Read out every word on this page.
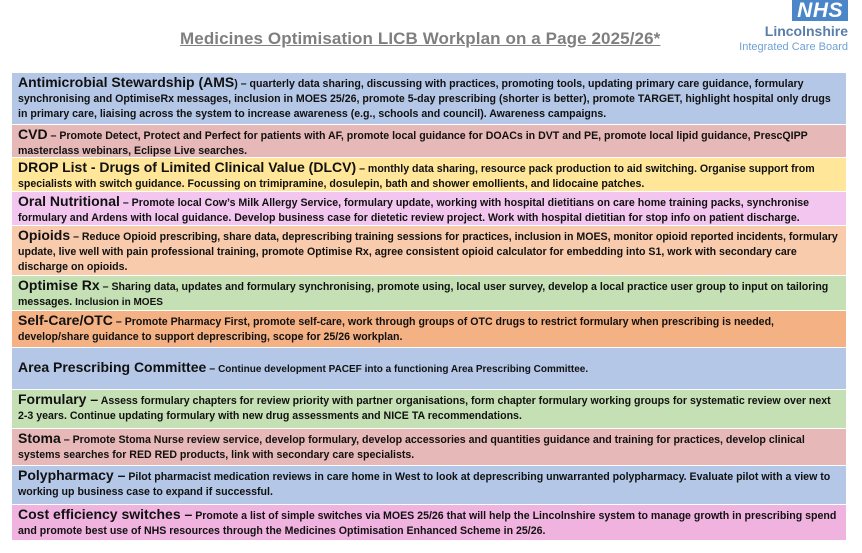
Medicines Optimisation LICB Workplan on a Page 2025/26*
NHS
Lincolnshire
Integrated Care Board
Antimicrobial Stewardship (AMS) – quarterly data sharing, discussing with practices, promoting tools, updating primary care guidance, formulary synchronising and OptimiseRx messages, inclusion in MOES 25/26, promote 5-day prescribing (shorter is better), promote TARGET, highlight hospital only drugs in primary care, liaising across the system to increase awareness (e.g., schools and council). Awareness campaigns.
CVD – Promote Detect, Protect and Perfect for patients with AF, promote local guidance for DOACs in DVT and PE, promote local lipid guidance, PrescQIPP masterclass webinars, Eclipse Live searches.
DROP List - Drugs of Limited Clinical Value (DLCV) – monthly data sharing, resource pack production to aid switching. Organise support from specialists with switch guidance. Focussing on trimipramine, dosulepin, bath and shower emollients, and lidocaine patches.
Oral Nutritional – Promote local Cow’s Milk Allergy Service, formulary update, working with hospital dietitians on care home training packs, synchronise formulary and Ardens with local guidance. Develop business case for dietetic review project. Work with hospital dietitian for stop info on patient discharge.
Opioids – Reduce Opioid prescribing, share data, deprescribing training sessions for practices, inclusion in MOES, monitor opioid reported incidents, formulary update, live well with pain professional training, promote Optimise Rx, agree consistent opioid calculator for embedding into S1, work with secondary care discharge on opioids.
Optimise Rx – Sharing data, updates and formulary synchronising, promote using, local user survey, develop a local practice user group to input on tailoring messages. Inclusion in MOES
Self-Care/OTC – Promote Pharmacy First, promote self-care, work through groups of OTC drugs to restrict formulary when prescribing is needed, develop/share guidance to support deprescribing, scope for 25/26 workplan.
Area Prescribing Committee – Continue development PACEF into a functioning Area Prescribing Committee.
Formulary – Assess formulary chapters for review priority with partner organisations, form chapter formulary working groups for systematic review over next 2-3 years. Continue updating formulary with new drug assessments and NICE TA recommendations.
Stoma – Promote Stoma Nurse review service, develop formulary, develop accessories and quantities guidance and training for practices, develop clinical systems searches for RED RED products, link with secondary care specialists.
Polypharmacy – Pilot pharmacist medication reviews in care home in West to look at deprescribing unwarranted polypharmacy. Evaluate pilot with a view to working up business case to expand if successful.
Cost efficiency switches – Promote a list of simple switches via MOES 25/26 that will help the Lincolnshire system to manage growth in prescribing spend and promote best use of NHS resources through the Medicines Optimisation Enhanced Scheme in 25/26.
